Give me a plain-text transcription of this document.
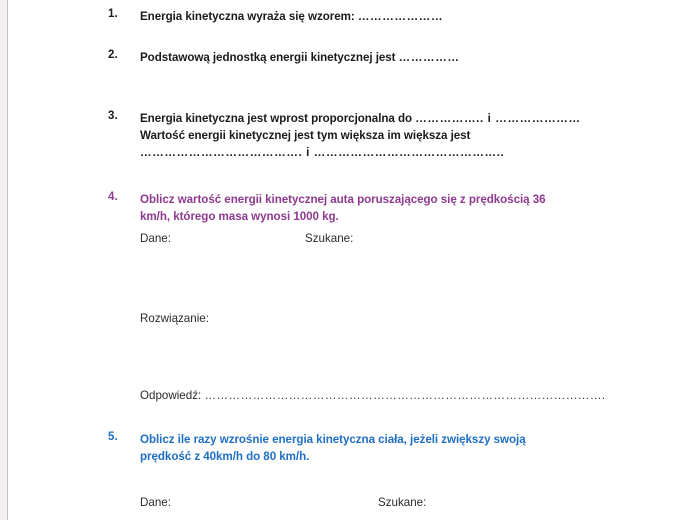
1.	Energia kinetyczna wyraża się wzorem: …………………
2.	Podstawową jednostką energii kinetycznej jest ……………
3.	Energia kinetyczna jest wprost proporcjonalna do …………….. i …………………
Wartość energii kinetycznej jest tym większa im większa jest
…………………………………. i ………………………………………..
4.	Oblicz wartość energii kinetycznej auta poruszającego się z prędkością 36
km/h, którego masa wynosi 1000 kg.
Dane:	Szukane:
Rozwiązanie:
Odpowiedź: ……………………………………………………………………………………….
5.	Oblicz ile razy wzrośnie energia kinetyczna ciała, jeżeli zwiększy swoją
prędkość z 40km/h do 80 km/h.
Dane:	Szukane:
